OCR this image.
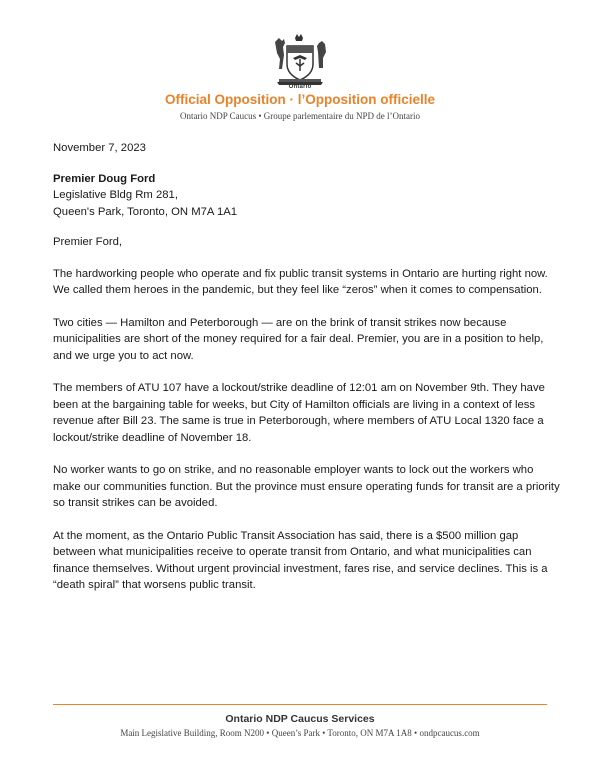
Ontario
Official Opposition · l’Opposition officielle
Ontario NDP Caucus • Groupe parlementaire du NPD de l’Ontario

November 7, 2023

Premier Doug Ford
Legislative Bldg Rm 281,
Queen's Park, Toronto, ON M7A 1A1

Premier Ford,

The hardworking people who operate and fix public transit systems in Ontario are hurting right now. We called them heroes in the pandemic, but they feel like “zeros” when it comes to compensation.

Two cities — Hamilton and Peterborough — are on the brink of transit strikes now because municipalities are short of the money required for a fair deal. Premier, you are in a position to help, and we urge you to act now.

The members of ATU 107 have a lockout/strike deadline of 12:01 am on November 9th. They have been at the bargaining table for weeks, but City of Hamilton officials are living in a context of less revenue after Bill 23. The same is true in Peterborough, where members of ATU Local 1320 face a lockout/strike deadline of November 18.

No worker wants to go on strike, and no reasonable employer wants to lock out the workers who make our communities function. But the province must ensure operating funds for transit are a priority so transit strikes can be avoided.

At the moment, as the Ontario Public Transit Association has said, there is a $500 million gap between what municipalities receive to operate transit from Ontario, and what municipalities can finance themselves. Without urgent provincial investment, fares rise, and service declines. This is a “death spiral” that worsens public transit.

Ontario NDP Caucus Services
Main Legislative Building, Room N200 • Queen’s Park • Toronto, ON M7A 1A8 • ondpcaucus.com
